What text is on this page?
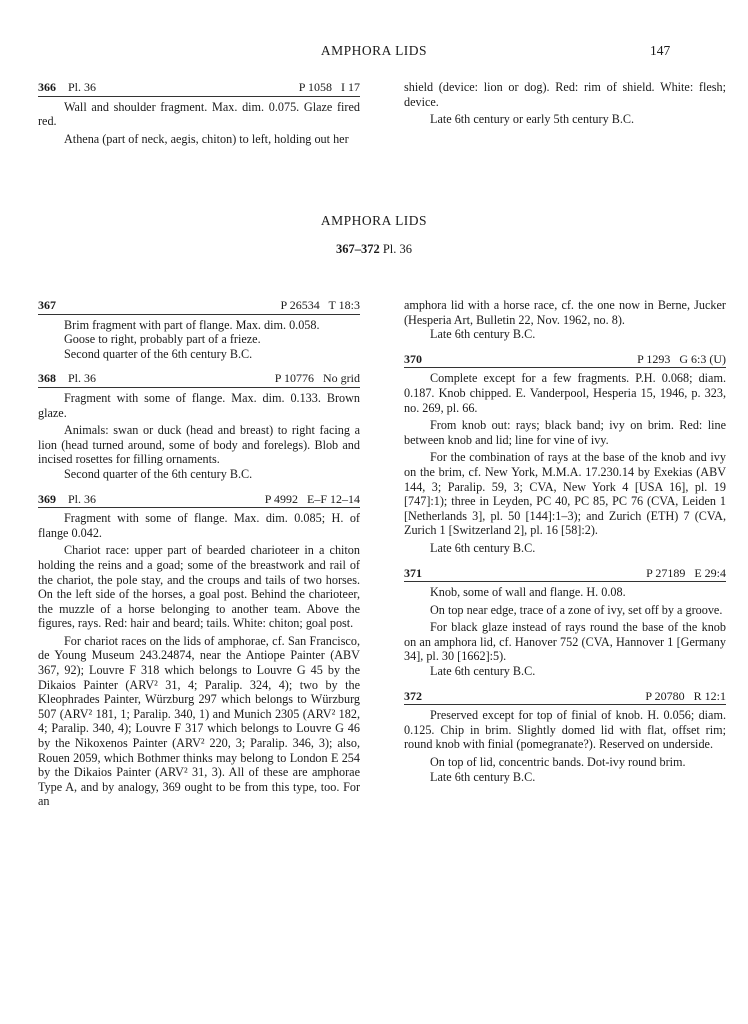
AMPHORA LIDS	147
366 Pl. 36	P 1058   I 17

Wall and shoulder fragment. Max. dim. 0.075. Glaze fired red.

Athena (part of neck, aegis, chiton) to left, holding out her

shield (device: lion or dog). Red: rim of shield. White: flesh; device.

Late 6th century or early 5th century B.C.

AMPHORA LIDS
367–372 Pl. 36
367	P 26534   T 18:3

Brim fragment with part of flange. Max. dim. 0.058.

Goose to right, probably part of a frieze.

Second quarter of the 6th century B.C.

368 Pl. 36	P 10776   No grid

Fragment with some of flange. Max. dim. 0.133. Brown glaze.

Animals: swan or duck (head and breast) to right facing a lion (head turned around, some of body and forelegs). Blob and incised rosettes for filling ornaments.

Second quarter of the 6th century B.C.

369 Pl. 36	P 4992   E–F 12–14

Fragment with some of flange. Max. dim. 0.085; H. of flange 0.042.

Chariot race: upper part of bearded charioteer in a chiton holding the reins and a goad; some of the breastwork and rail of the chariot, the pole stay, and the croups and tails of two horses. On the left side of the horses, a goal post. Behind the charioteer, the muzzle of a horse belonging to another team. Above the figures, rays. Red: hair and beard; tails. White: chiton; goal post.

For chariot races on the lids of amphorae, cf. San Francisco, de Young Museum 243.24874, near the Antiope Painter (ABV 367, 92); Louvre F 318 which belongs to Louvre G 45 by the Dikaios Painter (ARV² 31, 4; Paralip. 324, 4); two by the Kleophrades Painter, Würzburg 297 which belongs to Würzburg 507 (ARV² 181, 1; Paralip. 340, 1) and Munich 2305 (ARV² 182, 4; Paralip. 340, 4); Louvre F 317 which belongs to Louvre G 46 by the Nikoxenos Painter (ARV² 220, 3; Paralip. 346, 3); also, Rouen 2059, which Bothmer thinks may belong to London E 254 by the Dikaios Painter (ARV² 31, 3). All of these are amphorae Type A, and by analogy, 369 ought to be from this type, too. For an

amphora lid with a horse race, cf. the one now in Berne, Jucker (Hesperia Art, Bulletin 22, Nov. 1962, no. 8).

Late 6th century B.C.

370	P 1293   G 6:3 (U)

Complete except for a few fragments. P.H. 0.068; diam. 0.187. Knob chipped. E. Vanderpool, Hesperia 15, 1946, p. 323, no. 269, pl. 66.

From knob out: rays; black band; ivy on brim. Red: line between knob and lid; line for vine of ivy.

For the combination of rays at the base of the knob and ivy on the brim, cf. New York, M.M.A. 17.230.14 by Exekias (ABV 144, 3; Paralip. 59, 3; CVA, New York 4 [USA 16], pl. 19 [747]:1); three in Leyden, PC 40, PC 85, PC 76 (CVA, Leiden 1 [Netherlands 3], pl. 50 [144]:1–3); and Zurich (ETH) 7 (CVA, Zurich 1 [Switzerland 2], pl. 16 [58]:2).

Late 6th century B.C.

371	P 27189   E 29:4

Knob, some of wall and flange. H. 0.08.

On top near edge, trace of a zone of ivy, set off by a groove.

For black glaze instead of rays round the base of the knob on an amphora lid, cf. Hanover 752 (CVA, Hannover 1 [Germany 34], pl. 30 [1662]:5).

Late 6th century B.C.

372	P 20780   R 12:1

Preserved except for top of finial of knob. H. 0.056; diam. 0.125. Chip in brim. Slightly domed lid with flat, offset rim; round knob with finial (pomegranate?). Reserved on underside.

On top of lid, concentric bands. Dot-ivy round brim.

Late 6th century B.C.
